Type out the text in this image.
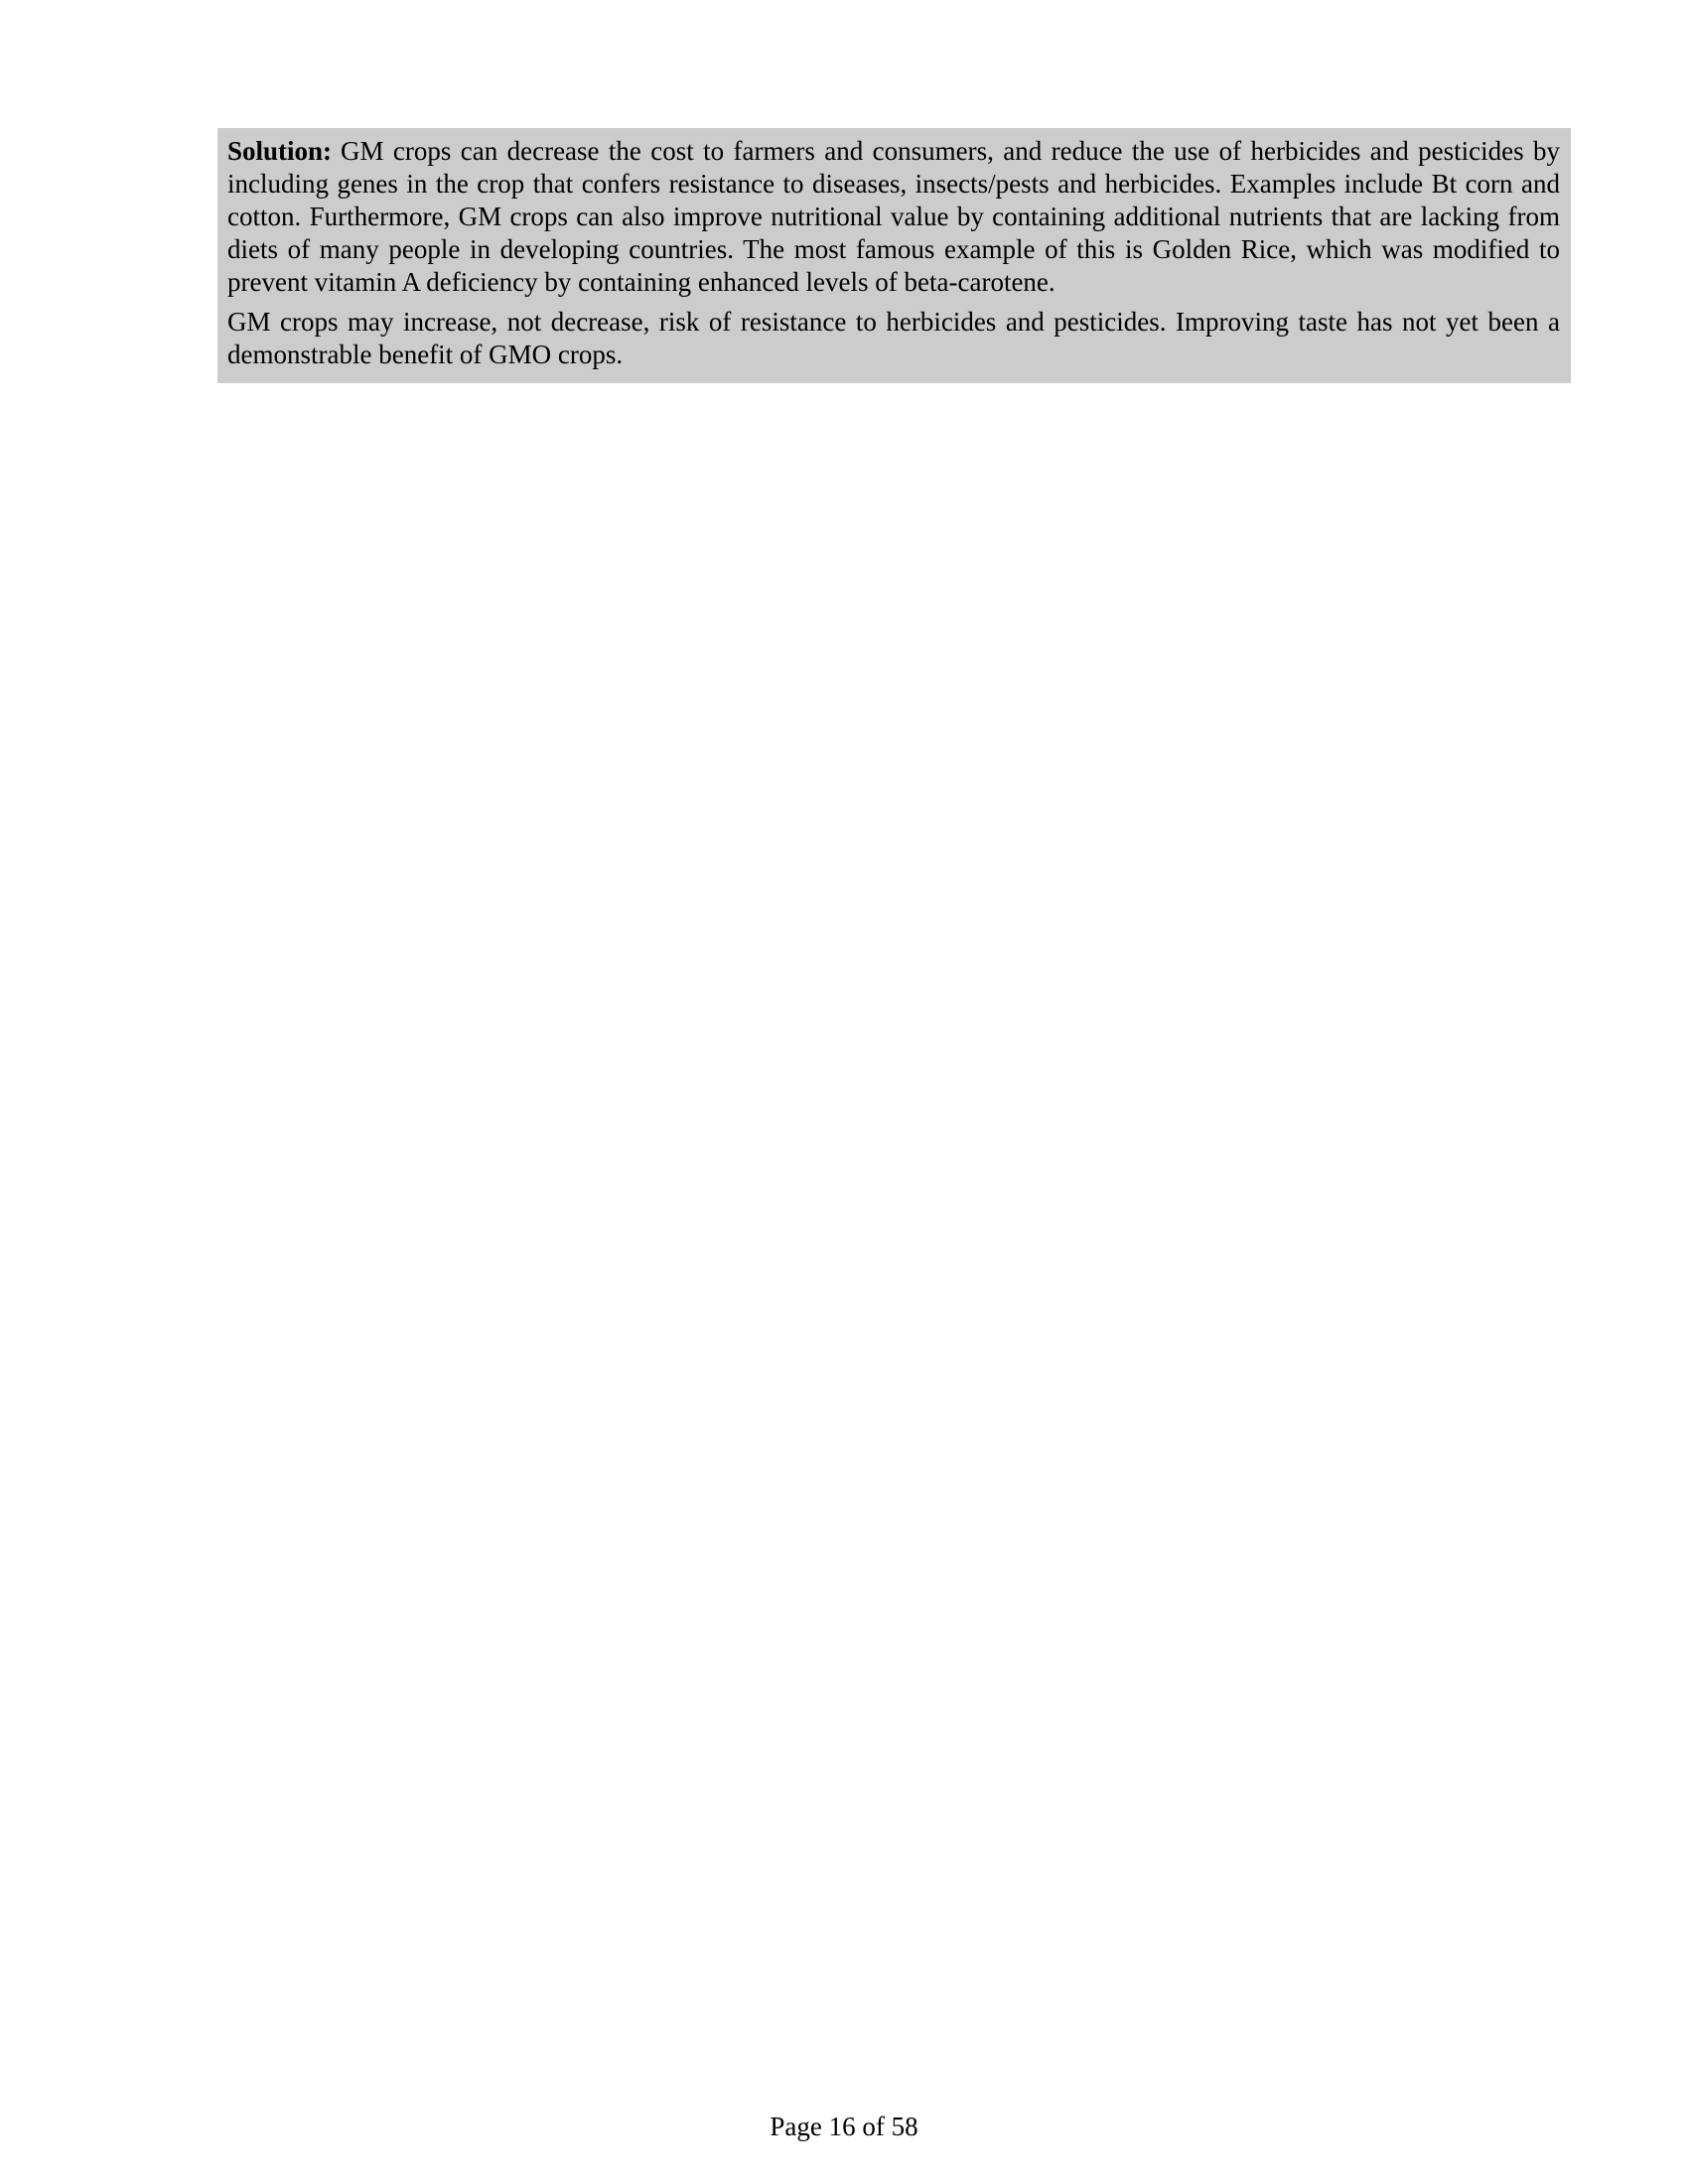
Solution: GM crops can decrease the cost to farmers and consumers, and reduce the use of herbicides and pesticides by including genes in the crop that confers resistance to diseases, insects/pests and herbicides. Examples include Bt corn and cotton. Furthermore, GM crops can also improve nutritional value by containing additional nutrients that are lacking from diets of many people in developing countries. The most famous example of this is Golden Rice, which was modified to prevent vitamin A deficiency by containing enhanced levels of beta-carotene.

GM crops may increase, not decrease, risk of resistance to herbicides and pesticides. Improving taste has not yet been a demonstrable benefit of GMO crops.

Page 16 of 58
